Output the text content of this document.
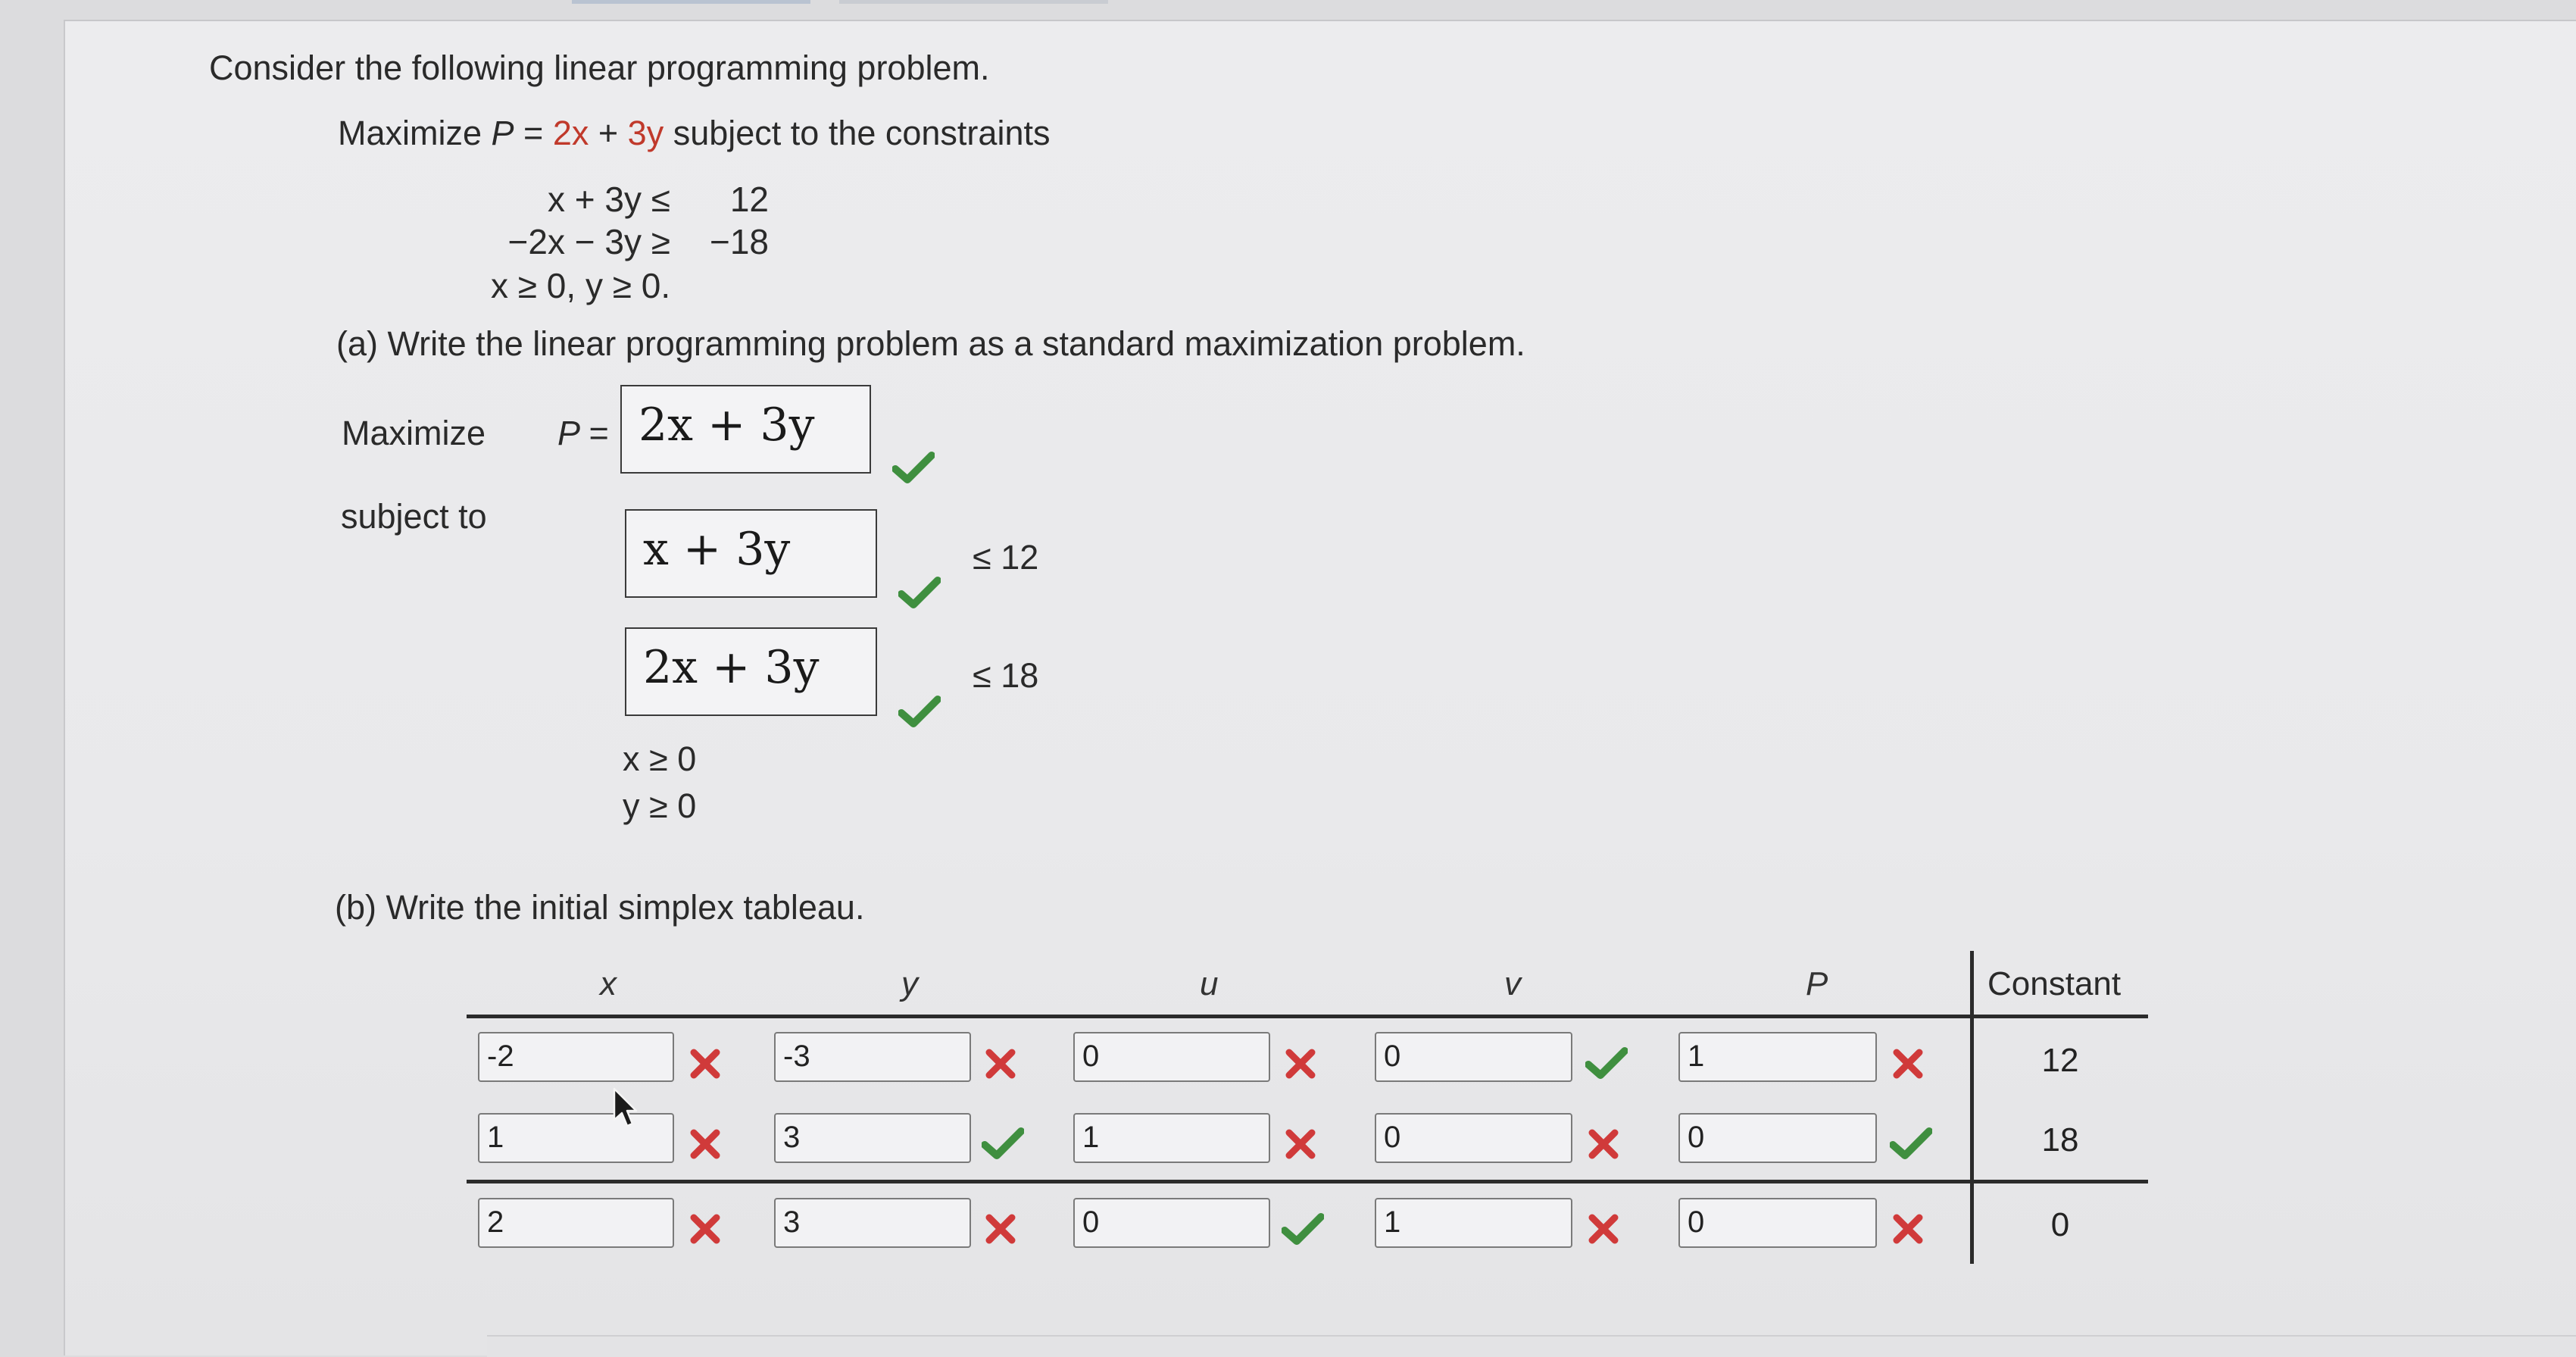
Consider the following linear programming problem.
Maximize P = 2x + 3y subject to the constraints
x + 3y ≤	12
−2x − 3y ≥	−18
x ≥ 0, y ≥ 0.
(a) Write the linear programming problem as a standard maximization problem.
Maximize P = 2x + 3y
subject to
x + 3y	≤ 12
2x + 3y	≤ 18
x ≥ 0
y ≥ 0
(b) Write the initial simplex tableau.
x	y	u	v	P	Constant
-2	-3	0	0	1	12
1	3	1	0	0	18
2	3	0	1	0	0
